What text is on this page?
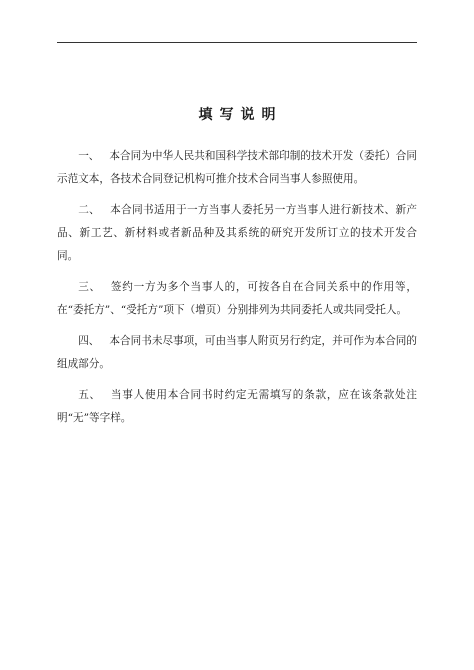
填写说明

一、 本合同为中华人民共和国科学技术部印制的技术开发（委托）合同示范文本，各技术合同登记机构可推介技术合同当事人参照使用。

二、 本合同书适用于一方当事人委托另一方当事人进行新技术、新产品、新工艺、新材料或者新品种及其系统的研究开发所订立的技术开发合同。

三、 签约一方为多个当事人的，可按各自在合同关系中的作用等，在“委托方”、“受托方”项下（增页）分别排列为共同委托人或共同受托人。

四、 本合同书未尽事项，可由当事人附页另行约定，并可作为本合同的组成部分。

五、 当事人使用本合同书时约定无需填写的条款，应在该条款处注明“无”等字样。
